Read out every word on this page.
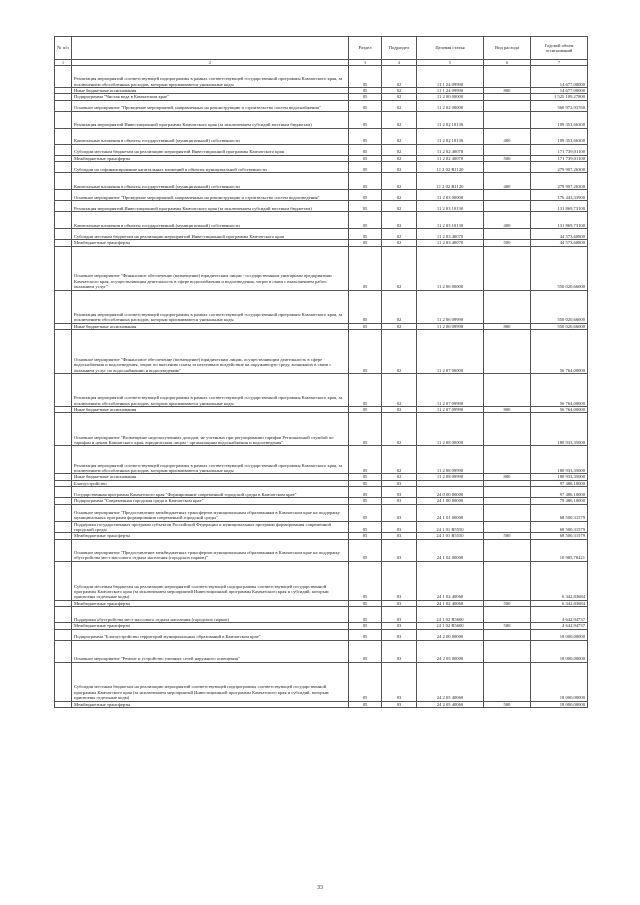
№ п/п		Раздел	Подраздел	Целевая статья	Вид расхода	Годовой объем ассигнований
1	2	3	4	5	6	7
	Реализация мероприятий соответствующей подпрограммы в рамках соответствующей государственной программы Камчатского края, за исключением обособленных расходов, которым присваиваются уникальные коды	05	02	11 1 24 09990		14 677,00000
	Иные бюджетные ассигнования	05	02	11 1 24 09990	800	14 677,00000
	Подпрограмма "Чистая вода в Камчатском крае"	05	02	11 2 00 00000		1 525 109,27800
	Основное мероприятие "Проведение мероприятий, направленных на реконструкцию и строительство систем водоснабжения"	05	02	11 2 02 00000		560 972,93760
	Реализация мероприятий Инвестиционной программы Камчатского края (за исключением субсидий местным бюджетам)	05	02	11 2 02 10130		109 351,66300
	Капитальные вложения в объекты государственной (муниципальной) собственности	05	02	11 2 02 10130	400	109 351,66300
	Субсидии местным бюджетам на реализацию мероприятий Инвестиционной программы Камчатского края	05	02	11 2 02 40070		171 739,01100
	Межбюджетные трансферты	05	02	11 2 02 40070	500	171 739,01100
	Субсидии на софинансирование капитальных вложений в объекты муниципальной собственности	05	02	11 2 02 R1120		279 907,26300
	Капитальные вложения в объекты государственной (муниципальной) собственности	05	02	11 2 02 R1120	400	279 907,26300
	Основное мероприятие "Проведение мероприятий, направленных на реконструкцию и строительство систем водоотведения"	05	02	11 2 03 00000		176 443,33900
	Реализация мероприятий Инвестиционной программы Камчатского края (за исключением субсидий местным бюджетам)	05	02	11 2 03 10130		131 869,73100
	Капитальные вложения в объекты государственной (муниципальной) собственности	05	02	11 2 03 10130	400	131 869,73100
	Субсидии местным бюджетам на реализацию мероприятий Инвестиционной программы Камчатского края	05	02	11 2 03 40070		44 573,60800
	Межбюджетные трансферты	05	02	11 2 03 40070	500	44 573,60800
	Основное мероприятие "Финансовое обеспечение (возмещение) юридическим лицам - государственным унитарным предприятиям Камчатского края, осуществляющим деятельность в сфере водоснабжения и водоотведения, затрат в связи с выполнением работ, оказанием услуг"	05	02	11 2 06 00000		550 020,66000
	Реализация мероприятий соответствующей подпрограммы в рамках соответствующей государственной программы Камчатского края, за исключением обособленных расходов, которым присваиваются уникальные коды	05	02	11 2 06 09990		550 020,66000
	Иные бюджетные ассигнования	05	02	11 2 06 09990	800	550 020,66000
	Основное мероприятие "Финансовое обеспечение (возмещение) юридическим лицам, осуществляющим деятельность в сфере водоснабжения и водоотведения, затрат по внесению платы за негативное воздействие на окружающую среду, возникших в связи с оказанием услуг по водоснабжению и водоотведению"	05	02	11 2 07 00000		56 764,00000
	Реализация мероприятий соответствующей подпрограммы в рамках соответствующей государственной программы Камчатского края, за исключением обособленных расходов, которым присваиваются уникальные коды	05	02	11 2 07 09990		56 764,00000
	Иные бюджетные ассигнования	05	02	11 2 07 09990	800	56 764,00000
	Основное мероприятие "Возмещение недополученных доходов, не учтенных при регулировании тарифов Региональной службой по тарифам и ценам Камчатского края, юридическим лицам - организациям водоснабжения и водоотведения"	05	02	11 2 08 00000		180 933,35000
	Реализация мероприятий соответствующей подпрограммы в рамках соответствующей государственной программы Камчатского края, за исключением обособленных расходов, которым присваиваются уникальные коды	05	02	11 2 08 09990		180 933,35000
	Иные бюджетные ассигнования	05	02	11 2 08 09990	800	180 933,35000
	Благоустройство	05	03			97 486,10000
	Государственная программа Камчатского края "Формирование современной городской среды в Камчатском крае"	05	03	24 0 00 00000		97 486,10000
	Подпрограмма "Современная городская среда в Камчатском крае"	05	03	24 1 00 00000		79 486,10000
	Основное мероприятие "Предоставление межбюджетных трансфертов муниципальным образованиям в Камчатском крае на поддержку муниципальных программ формирования современной городской среды"	05	03	24 1 01 00000		68 500,31579
	Поддержка государственных программ субъектов Российской Федерации и муниципальных программ формирования современной городской среды	05	03	24 1 01 R5550		68 500,31579
	Межбюджетные трансферты	05	03	24 1 01 R5550	500	68 500,31579
	Основное мероприятие "Предоставление межбюджетных трансфертов муниципальным образованиям в Камчатском крае на поддержку обустройства мест массового отдыха населения (городских парков)"	05	03	24 1 02 00000		10 985,78421
	Субсидии местным бюджетам на реализацию мероприятий соответствующей подпрограммы соответствующей государственной программы Камчатского края (за исключением мероприятий Инвестиционной программы Камчатского края и субсидий, которым присвоены отдельные коды)	05	03	24 1 02 40060		6 342,83684
	Межбюджетные трансферты	05	03	24 1 02 40060	500	6 342,83684
	Поддержка обустройства мест массового отдыха населения (городских парков)	05	03	24 1 02 R5600		4 642,94737
	Межбюджетные трансферты	05	03	24 1 02 R5600	500	4 642,94737
	Подпрограмма "Благоустройство территорий муниципальных образований в Камчатском крае"	05	03	24 2 00 00000		18 000,00000
	Основное мероприятие "Ремонт и устройство уличных сетей наружного освещения"	05	03	24 2 05 00000		18 000,00000
	Субсидии местным бюджетам на реализацию мероприятий соответствующей подпрограммы соответствующей государственной программы Камчатского края (за исключением мероприятий Инвестиционной программы Камчатского края и субсидий, которым присвоены отдельные коды)	05	03	24 2 05 40060		18 000,00000
	Межбюджетные трансферты	05	03	24 2 05 40060	500	18 000,00000
33
